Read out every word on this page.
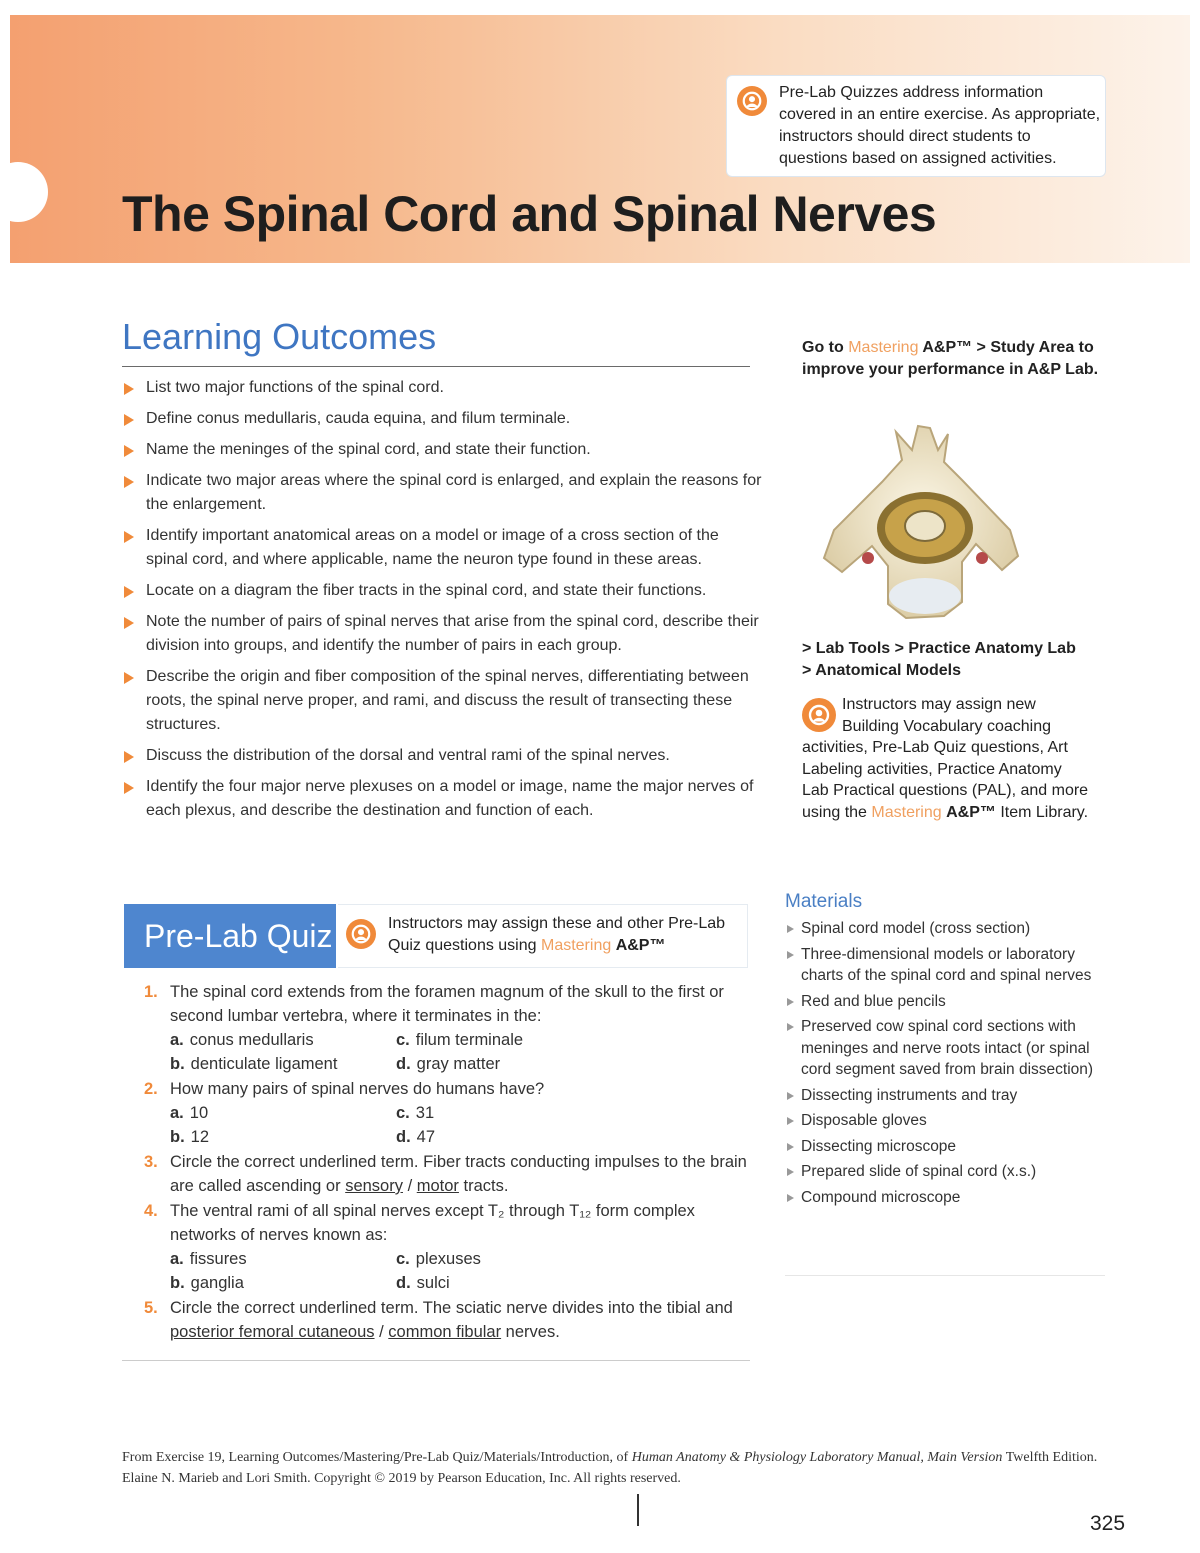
Pre-Lab Quizzes address information covered in an entire exercise. As appropriate, instructors should direct students to questions based on assigned activities.
The Spinal Cord and Spinal Nerves
Learning Outcomes
List two major functions of the spinal cord.
Define conus medullaris, cauda equina, and filum terminale.
Name the meninges of the spinal cord, and state their function.
Indicate two major areas where the spinal cord is enlarged, and explain the reasons for the enlargement.
Identify important anatomical areas on a model or image of a cross section of the spinal cord, and where applicable, name the neuron type found in these areas.
Locate on a diagram the fiber tracts in the spinal cord, and state their functions.
Note the number of pairs of spinal nerves that arise from the spinal cord, describe their division into groups, and identify the number of pairs in each group.
Describe the origin and fiber composition of the spinal nerves, differentiating between roots, the spinal nerve proper, and rami, and discuss the result of transecting these structures.
Discuss the distribution of the dorsal and ventral rami of the spinal nerves.
Identify the four major nerve plexuses on a model or image, name the major nerves of each plexus, and describe the destination and function of each.
Pre-Lab Quiz	Instructors may assign these and other Pre-Lab Quiz questions using Mastering A&P™
1. The spinal cord extends from the foramen magnum of the skull to the first or second lumbar vertebra, where it terminates in the:
a. conus medullaris	c. filum terminale
b. denticulate ligament	d. gray matter
2. How many pairs of spinal nerves do humans have?
a. 10	c. 31
b. 12	d. 47
3. Circle the correct underlined term. Fiber tracts conducting impulses to the brain are called ascending or sensory / motor tracts.
4. The ventral rami of all spinal nerves except T₂ through T₁₂ form complex networks of nerves known as:
a. fissures	c. plexuses
b. ganglia	d. sulci
5. Circle the correct underlined term. The sciatic nerve divides into the tibial and posterior femoral cutaneous / common fibular nerves.
Go to Mastering A&P™ > Study Area to improve your performance in A&P Lab.
> Lab Tools > Practice Anatomy Lab
> Anatomical Models
Instructors may assign new Building Vocabulary coaching activities, Pre-Lab Quiz questions, Art Labeling activities, Practice Anatomy Lab Practical questions (PAL), and more using the Mastering A&P™ Item Library.
Materials
Spinal cord model (cross section)
Three-dimensional models or laboratory charts of the spinal cord and spinal nerves
Red and blue pencils
Preserved cow spinal cord sections with meninges and nerve roots intact (or spinal cord segment saved from brain dissection)
Dissecting instruments and tray
Disposable gloves
Dissecting microscope
Prepared slide of spinal cord (x.s.)
Compound microscope
From Exercise 19, Learning Outcomes/Mastering/Pre-Lab Quiz/Materials/Introduction, of Human Anatomy & Physiology Laboratory Manual, Main Version Twelfth Edition. Elaine N. Marieb and Lori Smith. Copyright © 2019 by Pearson Education, Inc. All rights reserved.
325
